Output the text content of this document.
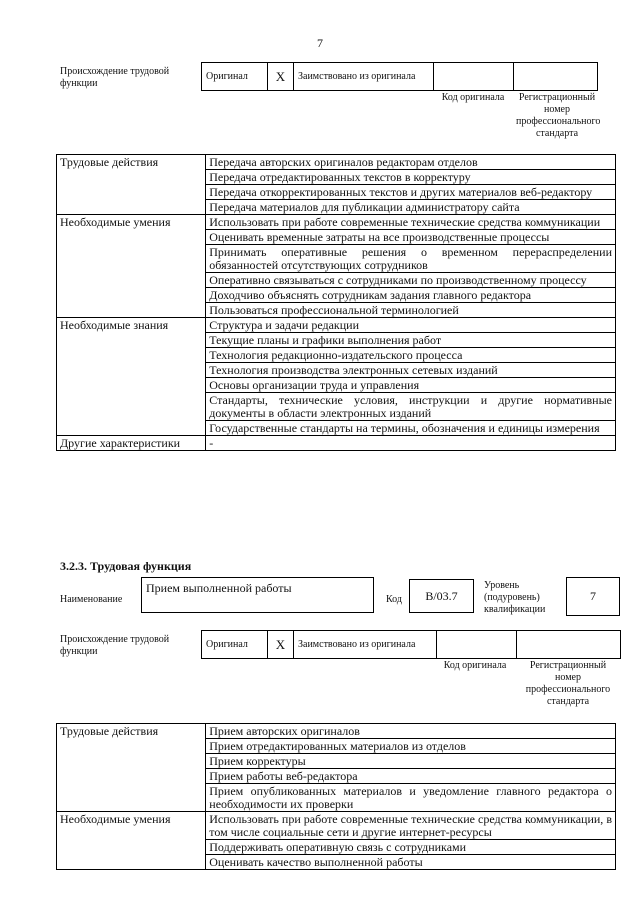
7
Происхождение трудовой функции
Оригинал	X	Заимствовано из оригинала
Код оригинала Регистрационный номер профессионального стандарта
Трудовые действия	Передача авторских оригиналов редакторам отделов
	Передача отредактированных текстов в корректуру
	Передача откорректированных текстов и других материалов веб-редактору
	Передача материалов для публикации администратору сайта
Необходимые умения	Использовать при работе современные технические средства коммуникации
	Оценивать временные затраты на все производственные процессы
	Принимать оперативные решения о временном перераспределении обязанностей отсутствующих сотрудников
	Оперативно связываться с сотрудниками по производственному процессу
	Доходчиво объяснять сотрудникам задания главного редактора
	Пользоваться профессиональной терминологией
Необходимые знания	Структура и задачи редакции
	Текущие планы и графики выполнения работ
	Технология редакционно-издательского процесса
	Технология производства электронных сетевых изданий
	Основы организации труда и управления
	Стандарты, технические условия, инструкции и другие нормативные документы в области электронных изданий
	Государственные стандарты на термины, обозначения и единицы измерения
Другие характеристики	-
3.2.3. Трудовая функция
Наименование
Прием выполненной работы
Код	B/03.7
Уровень (подуровень) квалификации
7
Происхождение трудовой функции
Оригинал	X	Заимствовано из оригинала
Код оригинала	Регистрационный номер профессионального стандарта
Трудовые действия	Прием авторских оригиналов
	Прием отредактированных материалов из отделов
	Прием корректуры
	Прием работы веб-редактора
	Прием опубликованных материалов и уведомление главного редактора о необходимости их проверки
Необходимые умения	Использовать при работе современные технические средства коммуникации, в том числе социальные сети и другие интернет-ресурсы
	Поддерживать оперативную связь с сотрудниками
	Оценивать качество выполненной работы
